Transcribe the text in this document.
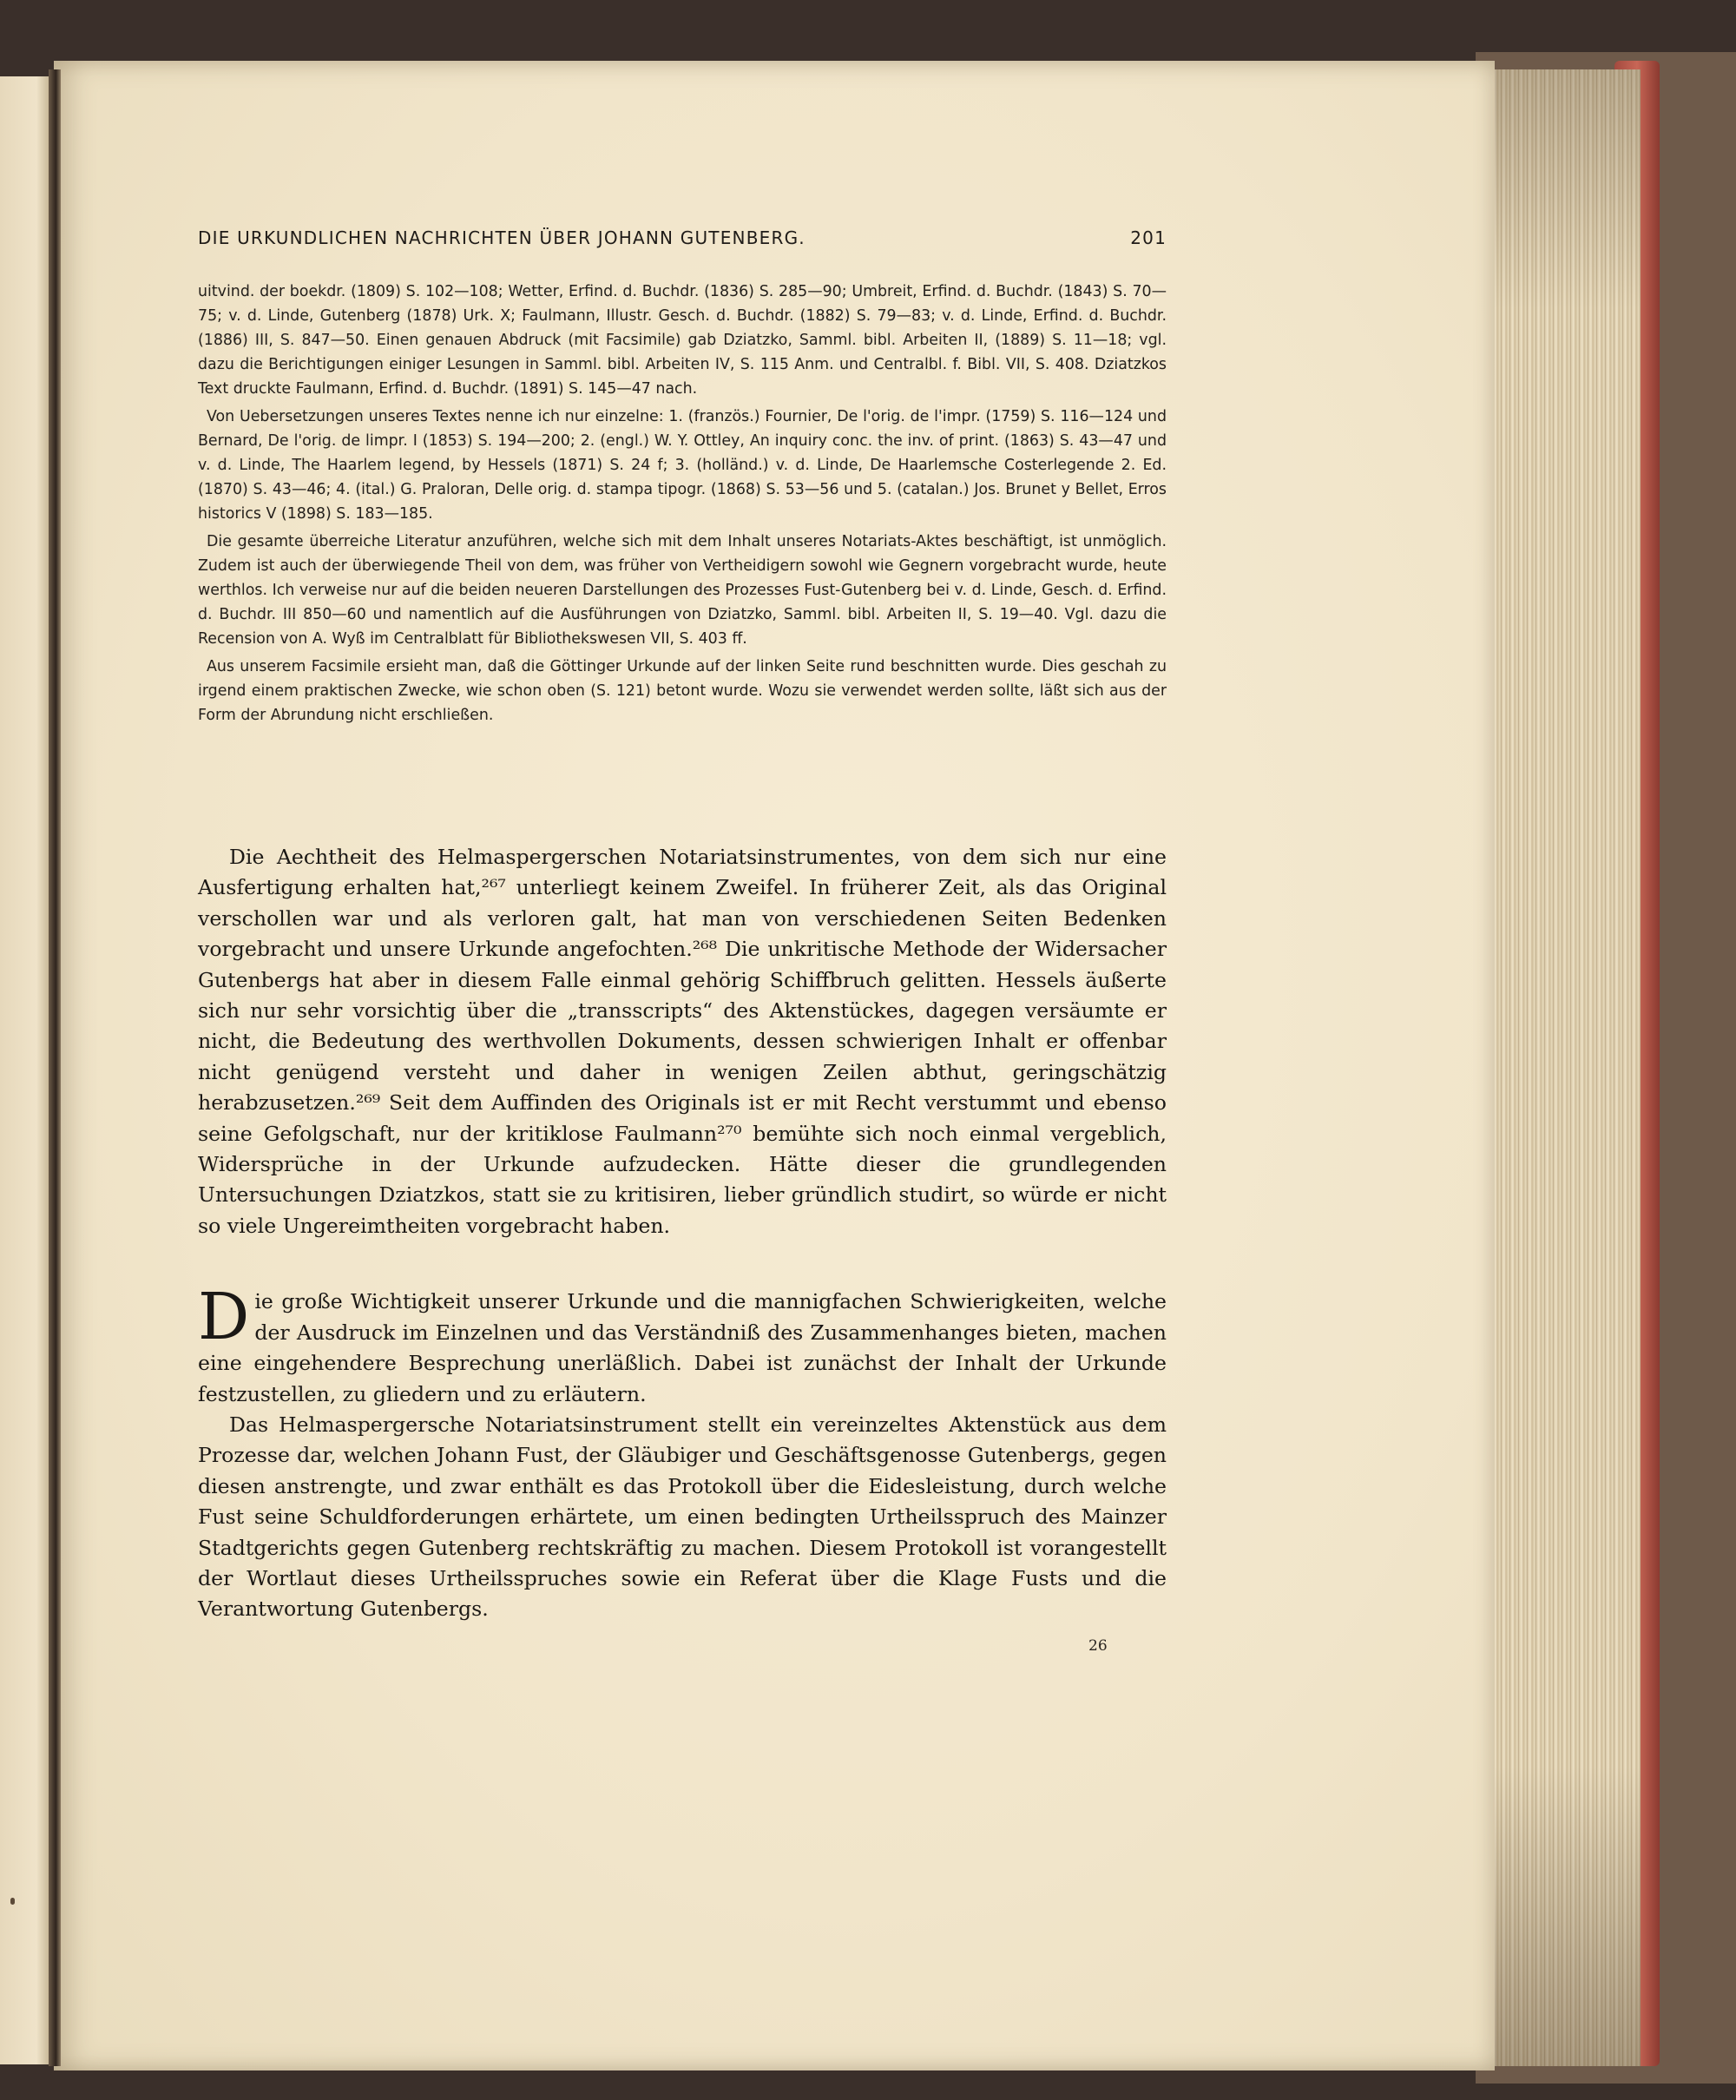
DIE URKUNDLICHEN NACHRICHTEN ÜBER JOHANN GUTENBERG.	201

uitvind. der boekdr. (1809) S. 102—108; Wetter, Erfind. d. Buchdr. (1836) S. 285—90; Umbreit, Erfind. d. Buchdr. (1843) S. 70—75; v. d. Linde, Gutenberg (1878) Urk. X; Faulmann, Illustr. Gesch. d. Buchdr. (1882) S. 79—83; v. d. Linde, Erfind. d. Buchdr. (1886) III, S. 847—50. Einen genauen Abdruck (mit Facsimile) gab Dziatzko, Samml. bibl. Arbeiten II, (1889) S. 11—18; vgl. dazu die Berichtigungen einiger Lesungen in Samml. bibl. Arbeiten IV, S. 115 Anm. und Centralbl. f. Bibl. VII, S. 408. Dziatzkos Text druckte Faulmann, Erfind. d. Buchdr. (1891) S. 145—47 nach.

Von Uebersetzungen unseres Textes nenne ich nur einzelne: 1. (französ.) Fournier, De l'orig. de l'impr. (1759) S. 116—124 und Bernard, De l'orig. de limpr. I (1853) S. 194—200; 2. (engl.) W. Y. Ottley, An inquiry conc. the inv. of print. (1863) S. 43—47 und v. d. Linde, The Haarlem legend, by Hessels (1871) S. 24 f; 3. (holländ.) v. d. Linde, De Haarlemsche Costerlegende 2. Ed. (1870) S. 43—46; 4. (ital.) G. Praloran, Delle orig. d. stampa tipogr. (1868) S. 53—56 und 5. (catalan.) Jos. Brunet y Bellet, Erros historics V (1898) S. 183—185.

Die gesamte überreiche Literatur anzuführen, welche sich mit dem Inhalt unseres Notariats-Aktes beschäftigt, ist unmöglich. Zudem ist auch der überwiegende Theil von dem, was früher von Vertheidigern sowohl wie Gegnern vorgebracht wurde, heute werthlos. Ich verweise nur auf die beiden neueren Darstellungen des Prozesses Fust-Gutenberg bei v. d. Linde, Gesch. d. Erfind. d. Buchdr. III 850—60 und namentlich auf die Ausführungen von Dziatzko, Samml. bibl. Arbeiten II, S. 19—40. Vgl. dazu die Recension von A. Wyß im Centralblatt für Bibliothekswesen VII, S. 403 ff.

Aus unserem Facsimile ersieht man, daß die Göttinger Urkunde auf der linken Seite rund beschnitten wurde. Dies geschah zu irgend einem praktischen Zwecke, wie schon oben (S. 121) betont wurde. Wozu sie verwendet werden sollte, läßt sich aus der Form der Abrundung nicht erschließen.

Die Aechtheit des Helmaspergerschen Notariatsinstrumentes, von dem sich nur eine Ausfertigung erhalten hat,²⁶⁷ unterliegt keinem Zweifel. In früherer Zeit, als das Original verschollen war und als verloren galt, hat man von verschiedenen Seiten Bedenken vorgebracht und unsere Urkunde angefochten.²⁶⁸ Die unkritische Methode der Widersacher Gutenbergs hat aber in diesem Falle einmal gehörig Schiffbruch gelitten. Hessels äußerte sich nur sehr vorsichtig über die „transscripts“ des Aktenstückes, dagegen versäumte er nicht, die Bedeutung des werthvollen Dokuments, dessen schwierigen Inhalt er offenbar nicht genügend versteht und daher in wenigen Zeilen abthut, geringschätzig herabzusetzen.²⁶⁹ Seit dem Auffinden des Originals ist er mit Recht verstummt und ebenso seine Gefolgschaft, nur der kritiklose Faulmann²⁷⁰ bemühte sich noch einmal vergeblich, Widersprüche in der Urkunde aufzudecken. Hätte dieser die grundlegenden Untersuchungen Dziatzkos, statt sie zu kritisiren, lieber gründlich studirt, so würde er nicht so viele Ungereimtheiten vorgebracht haben.

Die große Wichtigkeit unserer Urkunde und die mannigfachen Schwierigkeiten, welche der Ausdruck im Einzelnen und das Verständniß des Zusammenhanges bieten, machen eine eingehendere Besprechung unerläßlich. Dabei ist zunächst der Inhalt der Urkunde festzustellen, zu gliedern und zu erläutern.

Das Helmaspergersche Notariatsinstrument stellt ein vereinzeltes Aktenstück aus dem Prozesse dar, welchen Johann Fust, der Gläubiger und Geschäftsgenosse Gutenbergs, gegen diesen anstrengte, und zwar enthält es das Protokoll über die Eidesleistung, durch welche Fust seine Schuldforderungen erhärtete, um einen bedingten Urtheilsspruch des Mainzer Stadtgerichts gegen Gutenberg rechtskräftig zu machen. Diesem Protokoll ist vorangestellt der Wortlaut dieses Urtheilsspruches sowie ein Referat über die Klage Fusts und die Verantwortung Gutenbergs.

26
